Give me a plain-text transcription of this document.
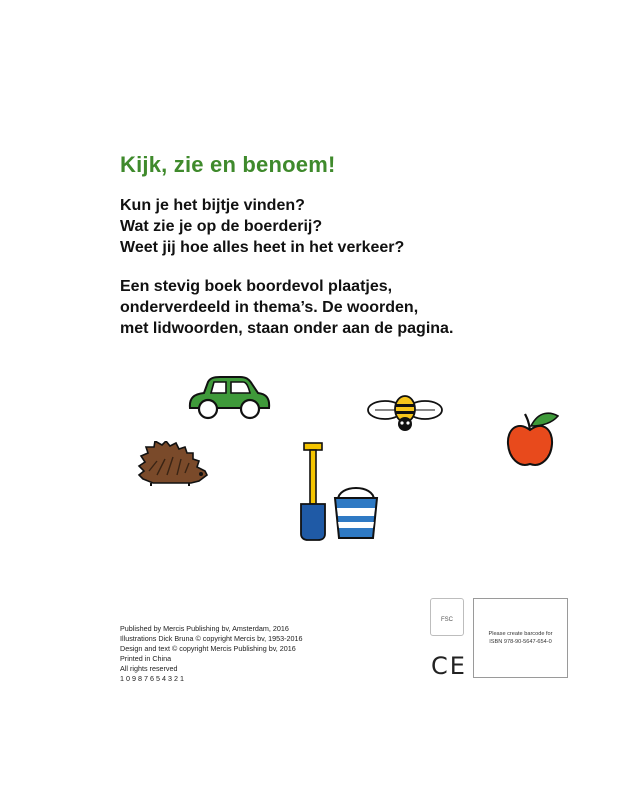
Kijk, zie en benoem!
Kun je het bijtje vinden?
Wat zie je op de boerderij?
Weet jij hoe alles heet in het verkeer?
Een stevig boek boordevol plaatjes,
onderverdeeld in thema’s. De woorden,
met lidwoorden, staan onder aan de pagina.
Published by Mercis Publishing bv, Amsterdam, 2016
Illustrations Dick Bruna © copyright Mercis bv, 1953-2016
Design and text © copyright Mercis Publishing bv, 2016
Printed in China
All rights reserved
1 0 9 8 7 6 5 4 3 2 1
FSC
CE
Please create barcode for
ISBN 978-90-5647-654-0
